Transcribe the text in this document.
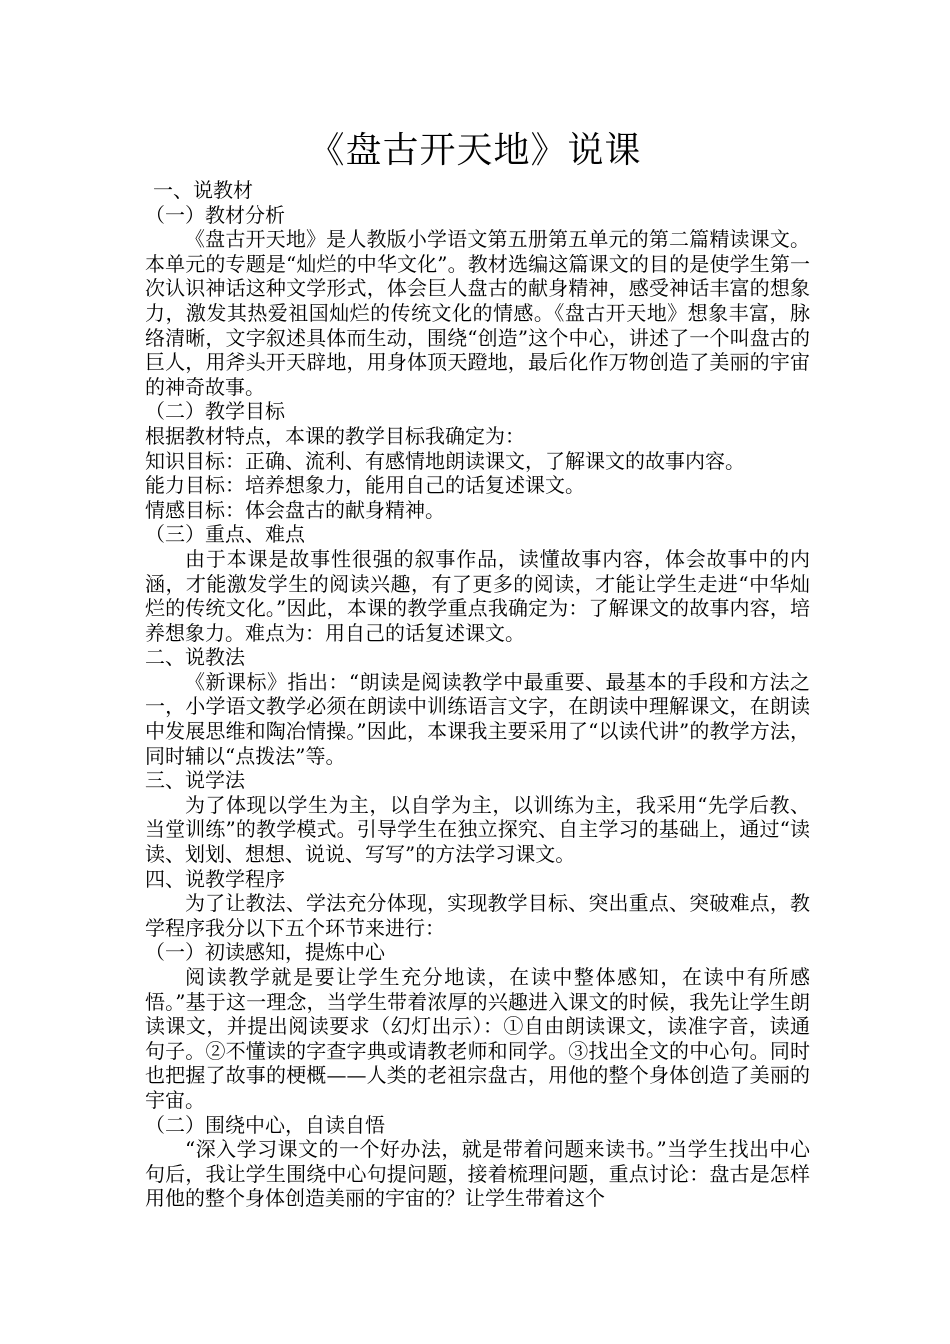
《盘古开天地》说课

一、说教材

（一）教材分析

《盘古开天地》是人教版小学语文第五册第五单元的第二篇精读课文。本单元的专题是“灿烂的中华文化”。教材选编这篇课文的目的是使学生第一次认识神话这种文学形式，体会巨人盘古的献身精神，感受神话丰富的想象力，激发其热爱祖国灿烂的传统文化的情感。《盘古开天地》想象丰富，脉络清晰，文字叙述具体而生动，围绕“创造”这个中心，讲述了一个叫盘古的巨人，用斧头开天辟地，用身体顶天蹬地，最后化作万物创造了美丽的宇宙的神奇故事。

（二）教学目标

根据教材特点，本课的教学目标我确定为：

知识目标：正确、流利、有感情地朗读课文，了解课文的故事内容。

能力目标：培养想象力，能用自己的话复述课文。

情感目标：体会盘古的献身精神。

（三）重点、难点

由于本课是故事性很强的叙事作品，读懂故事内容，体会故事中的内涵，才能激发学生的阅读兴趣，有了更多的阅读，才能让学生走进“中华灿烂的传统文化。”因此，本课的教学重点我确定为：了解课文的故事内容，培养想象力。难点为：用自己的话复述课文。

二、说教法

《新课标》指出：“朗读是阅读教学中最重要、最基本的手段和方法之一，小学语文教学必须在朗读中训练语言文字，在朗读中理解课文，在朗读中发展思维和陶冶情操。”因此，本课我主要采用了“以读代讲”的教学方法，同时辅以“点拨法”等。

三、说学法

为了体现以学生为主，以自学为主，以训练为主，我采用“先学后教、当堂训练”的教学模式。引导学生在独立探究、自主学习的基础上，通过“读读、划划、想想、说说、写写”的方法学习课文。

四、说教学程序

为了让教法、学法充分体现，实现教学目标、突出重点、突破难点，教学程序我分以下五个环节来进行：

（一）初读感知，提炼中心

阅读教学就是要让学生充分地读，在读中整体感知，在读中有所感悟。”基于这一理念，当学生带着浓厚的兴趣进入课文的时候，我先让学生朗读课文，并提出阅读要求（幻灯出示）：①自由朗读课文，读准字音，读通句子。②不懂读的字查字典或请教老师和同学。③找出全文的中心句。同时也把握了故事的梗概——人类的老祖宗盘古，用他的整个身体创造了美丽的宇宙。

（二）围绕中心，自读自悟

“深入学习课文的一个好办法，就是带着问题来读书。”当学生找出中心句后，我让学生围绕中心句提问题，接着梳理问题，重点讨论：盘古是怎样用他的整个身体创造美丽的宇宙的？让学生带着这个
